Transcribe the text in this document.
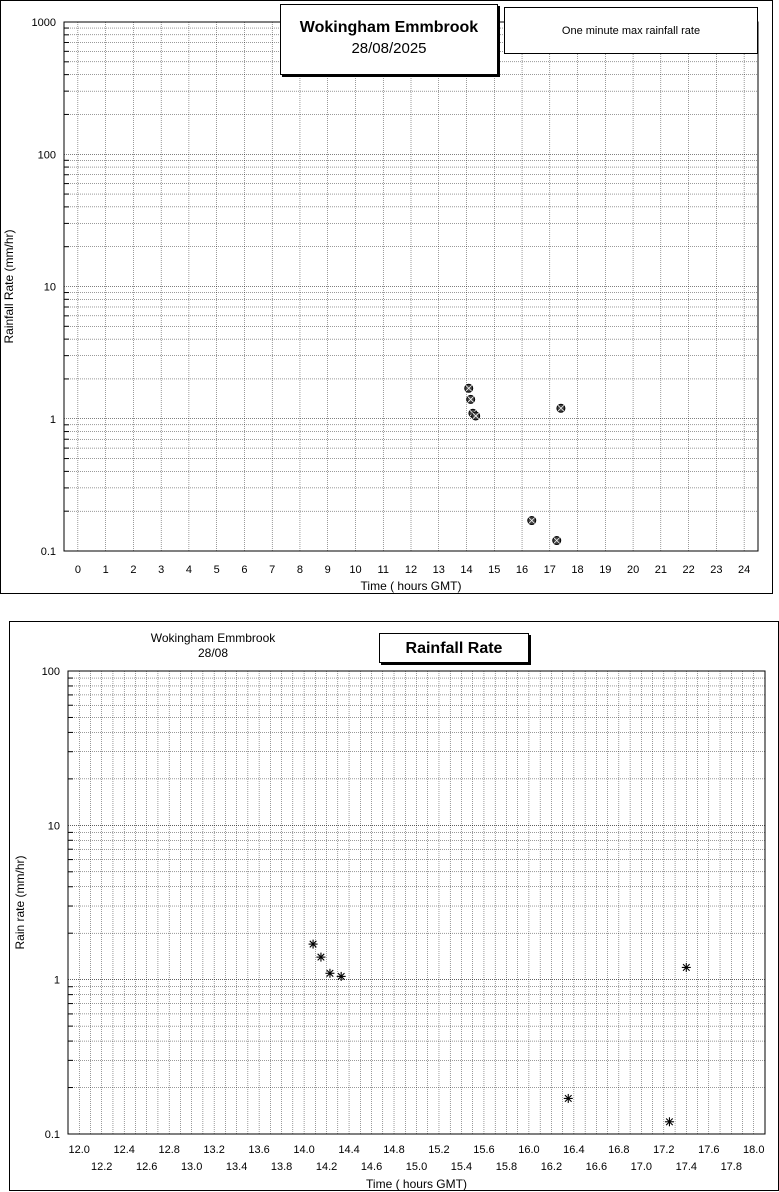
0.1
1
10
100
1000
0 1 2 3 4 5 6 7 8 9 10 11 12 13 14 15 16 17 18 19 20 21 22 23 24
Time ( hours GMT)
Rainfall Rate (mm/hr)
Wokingham Emmbrook
28/08/2025
One minute max rainfall rate
0.1
1
10
100
12.0 12.4 12.8 13.2 13.6 14.0 14.4 14.8 15.2 15.6 16.0 16.4 16.8 17.2 17.6 18.0
12.2 12.6 13.0 13.4 13.8 14.2 14.6 15.0 15.4 15.8 16.2 16.6 17.0 17.4 17.8
Time ( hours GMT)
Rain rate (mm/hr)
Wokingham Emmbrook
28/08	Rainfall Rate
